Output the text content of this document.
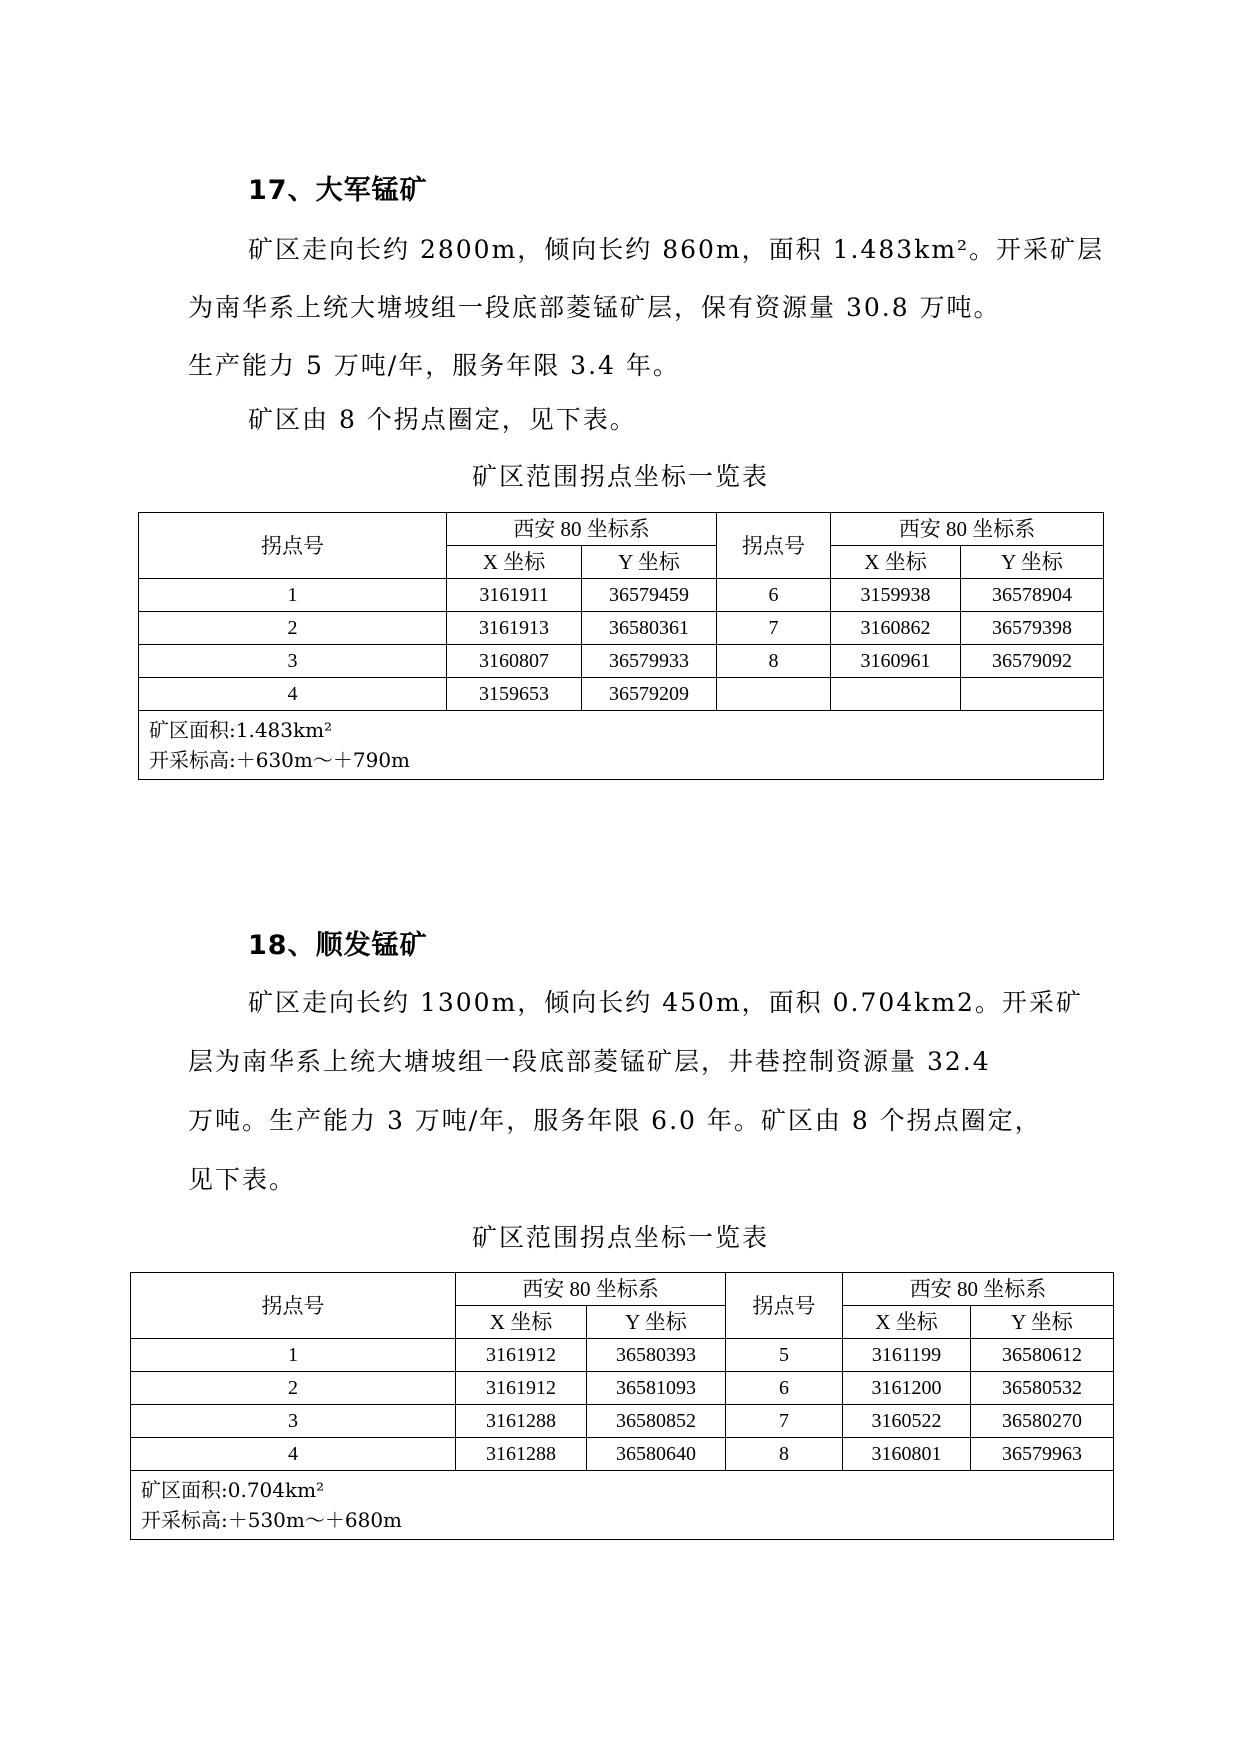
17、大军锰矿
矿区走向长约 2800m，倾向长约 860m，面积 1.483km²。开采矿层
为南华系上统大塘坡组一段底部菱锰矿层，保有资源量 30.8 万吨。
生产能力 5 万吨/年，服务年限 3.4 年。
矿区由 8 个拐点圈定，见下表。
矿区范围拐点坐标一览表
拐点号	西安 80 坐标系		拐点号	西安 80 坐标系	
	X 坐标	Y 坐标		X 坐标	Y 坐标
1	3161911	36579459	6	3159938	36578904
2	3161913	36580361	7	3160862	36579398
3	3160807	36579933	8	3160961	36579092
4	3159653	36579209			

矿区面积:1.483km²
开采标高:＋630m～＋790m					
18、顺发锰矿
矿区走向长约 1300m，倾向长约 450m，面积 0.704km2。开采矿
层为南华系上统大塘坡组一段底部菱锰矿层，井巷控制资源量 32.4
万吨。生产能力 3 万吨/年，服务年限 6.0 年。矿区由 8 个拐点圈定，
见下表。
矿区范围拐点坐标一览表
拐点号	西安 80 坐标系		拐点号	西安 80 坐标系	
	X 坐标	Y 坐标		X 坐标	Y 坐标
1	3161912	36580393	5	3161199	36580612
2	3161912	36581093	6	3161200	36580532
3	3161288	36580852	7	3160522	36580270
4	3161288	36580640	8	3160801	36579963

矿区面积:0.704km²
开采标高:＋530m～＋680m					
